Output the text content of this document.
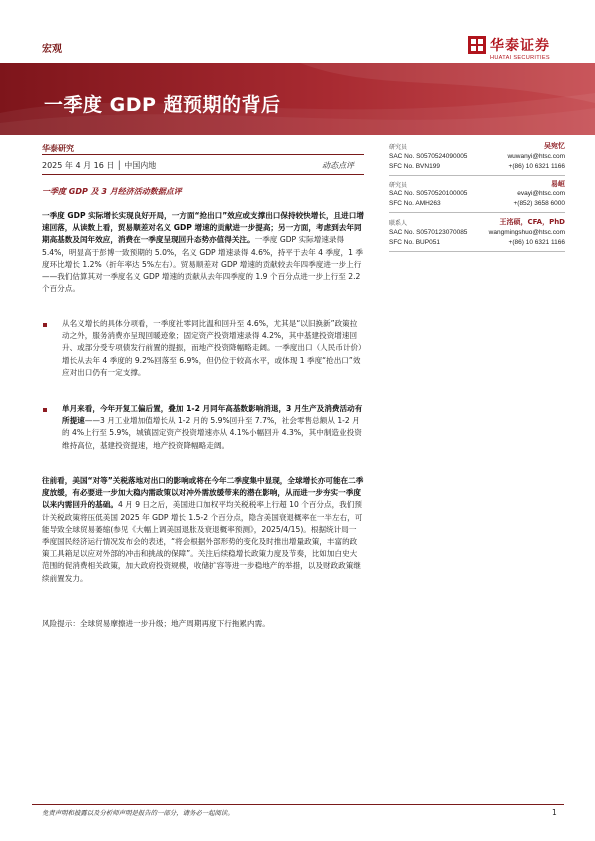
宏观	华泰证券
HUATAI SECURITIES
一季度 GDP 超预期的背后
华泰研究
2025 年 4 月 16 日 │ 中国内地	动态点评
一季度 GDP 及 3 月经济活动数据点评
一季度 GDP 实际增长实现良好开局，一方面“抢出口”效应或支撑出口保持较快增长，且进口增速回落，从读数上看，贸易顺差对名义 GDP 增速的贡献进一步提高；另一方面，考虑到去年同期高基数及闰年效应，消费在一季度呈现回升态势亦值得关注。一季度 GDP 实际增速录得 5.4%，明显高于彭博一致预期的 5.0%，名义 GDP 增速录得 4.6%，持平于去年 4 季度，1 季度环比增长 1.2%（折年率达 5%左右）。贸易顺差对 GDP 增速的贡献较去年四季度进一步上行——我们估算其对一季度名义 GDP 增速的贡献从去年四季度的 1.9 个百分点进一步上行至 2.2 个百分点。
从名义增长的具体分项看，一季度社零同比温和回升至 4.6%，尤其是“以旧换新”政策拉动之外，服务消费亦呈现回暖迹象；固定资产投资增速录得 4.2%，其中基建投资增速回升、或部分受专项债发行前置的提振，而地产投资降幅略走阔。一季度出口（人民币计价）增长从去年 4 季度的 9.2%回落至 6.9%，但仍位于较高水平，或体现 1 季度“抢出口”效应对出口仍有一定支撑。
单月来看，今年开复工偏后置，叠加 1-2 月同年高基数影响消退，3 月生产及消费活动有所提速——3 月工业增加值增长从 1-2 月的 5.9%回升至 7.7%，社会零售总额从 1-2 月的 4%上行至 5.9%，城镇固定资产投资增速亦从 4.1%小幅回升 4.3%，其中制造业投资维持高位，基建投资提速，地产投资降幅略走阔。
往前看，美国“对等”关税落地对出口的影响或将在今年二季度集中显现，全球增长亦可能在二季度放缓，有必要进一步加大稳内需政策以对冲外需放缓带来的潜在影响，从而进一步夯实一季度以来内需回升的基础。4 月 9 日之后，美国进口加权平均关税税率上行超 10 个百分点，我们预计关税政策将压低美国 2025 年 GDP 增长 1.5-2 个百分点，隐含美国衰退概率在一半左右，可能导致全球贸易萎缩(参见《大幅上调美国退胀及衰退概率预测》，2025/4/15)。根据统计局一季度国民经济运行情况发布会的表述，“将会根据外部形势的变化及时推出增量政策，丰富的政策工具箱足以应对外部的冲击和挑战的保障”。关注后续稳增长政策力度及节奏，比如加白史大范围的促消费相关政策，加大政府投资规模，收储扩容等进一步稳地产的举措，以及财政政策继续前置发力。
风险提示：全球贸易摩擦进一步升级；地产周期再度下行拖累内需。
研究员	吴宛忆
SAC No. S0570524090005	wuwanyi@htsc.com
SFC No. BVN199	+(86) 10 6321 1166
研究员	易峘
SAC No. S0570520100005	evayi@htsc.com
SFC No. AMH263	+(852) 3658 6000
联系人	王洺硕，CFA，PhD
SAC No. S0570123070085	wangmingshuo@htsc.com
SFC No. BUP051	+(86) 10 6321 1166
免责声明和披露以及分析师声明是报告的一部分，请务必一起阅读。	1
